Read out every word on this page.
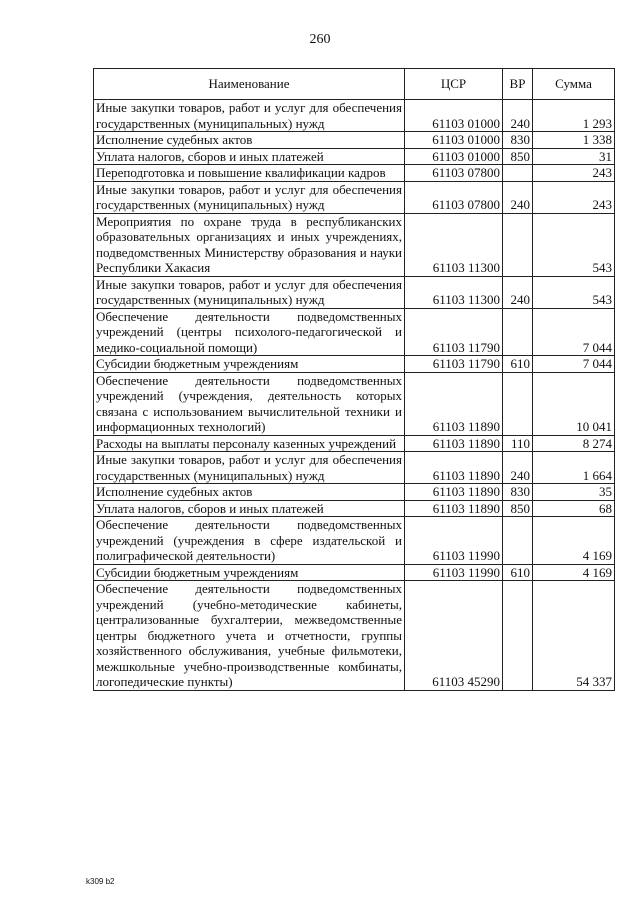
260
Наименование	ЦСР	ВР	Сумма
Иные закупки товаров, работ и услуг для обеспечения государственных (муниципальных) нужд	61103 01000	240	1 293
Исполнение судебных актов	61103 01000	830	1 338
Уплата налогов, сборов и иных платежей	61103 01000	850	31
Переподготовка и повышение квалификации кадров	61103 07800		243
Иные закупки товаров, работ и услуг для обеспечения государственных (муниципальных) нужд	61103 07800	240	243
Мероприятия по охране труда в республиканских образовательных организациях и иных учреждениях, подведомственных Министерству образования и науки Республики Хакасия	61103 11300		543
Иные закупки товаров, работ и услуг для обеспечения государственных (муниципальных) нужд	61103 11300	240	543
Обеспечение деятельности подведомственных учреждений (центры психолого-педагогической и медико-социальной помощи)	61103 11790		7 044
Субсидии бюджетным учреждениям	61103 11790	610	7 044
Обеспечение деятельности подведомственных учреждений (учреждения, деятельность которых связана с использованием вычислительной техники и информационных технологий)	61103 11890		10 041
Расходы на выплаты персоналу казенных учреждений	61103 11890	110	8 274
Иные закупки товаров, работ и услуг для обеспечения государственных (муниципальных) нужд	61103 11890	240	1 664
Исполнение судебных актов	61103 11890	830	35
Уплата налогов, сборов и иных платежей	61103 11890	850	68
Обеспечение деятельности подведомственных учреждений (учреждения в сфере издательской и полиграфической деятельности)	61103 11990		4 169
Субсидии бюджетным учреждениям	61103 11990	610	4 169
Обеспечение деятельности подведомственных учреждений (учебно-методические кабинеты, централизованные бухгалтерии, межведомственные центры бюджетного учета и отчетности, группы хозяйственного обслуживания, учебные фильмотеки, межшкольные учебно-производственные комбинаты, логопедические пункты)	61103 45290		54 337
k309 b2
